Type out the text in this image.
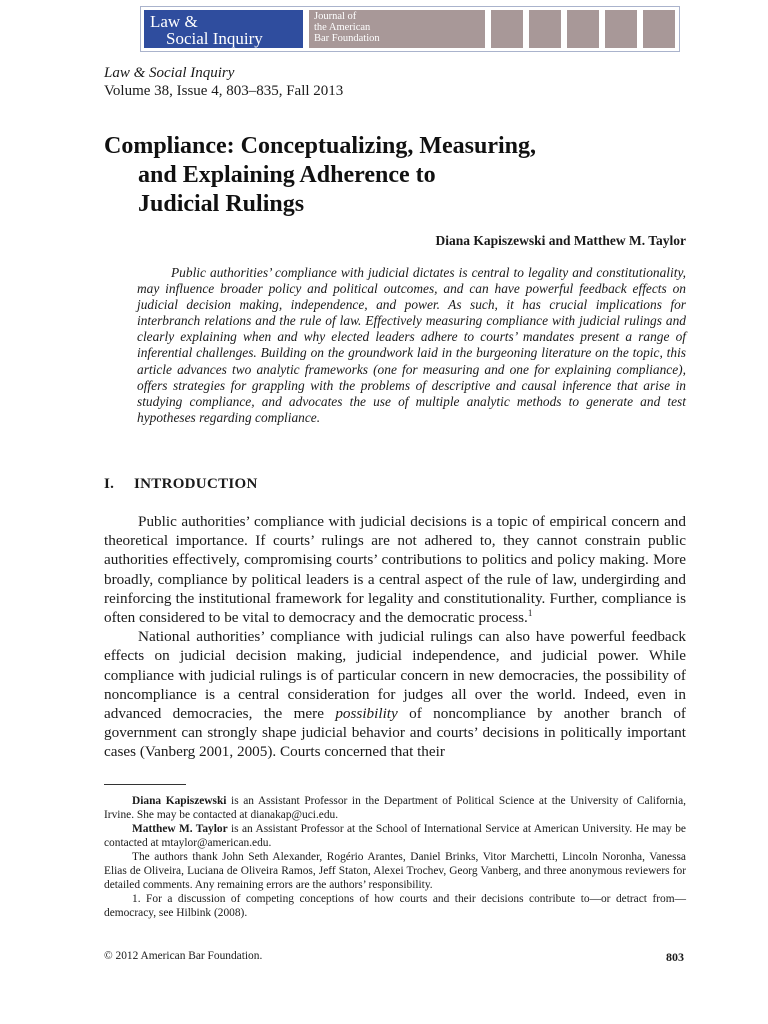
Law &
Social Inquiry
Journal of
the American
Bar Foundation
Law & Social Inquiry
Volume 38, Issue 4, 803–835, Fall 2013
Compliance: Conceptualizing, Measuring,
and Explaining Adherence to
Judicial Rulings
Diana Kapiszewski and Matthew M. Taylor

Public authorities’ compliance with judicial dictates is central to legality and constitutionality, may influence broader policy and political outcomes, and can have powerful feedback effects on judicial decision making, independence, and power. As such, it has crucial implications for interbranch relations and the rule of law. Effectively measuring compliance with judicial rulings and clearly explaining when and why elected leaders adhere to courts’ mandates present a range of inferential challenges. Building on the groundwork laid in the burgeoning literature on the topic, this article advances two analytic frameworks (one for measuring and one for explaining compliance), offers strategies for grappling with the problems of descriptive and causal inference that arise in studying compliance, and advocates the use of multiple analytic methods to generate and test hypotheses regarding compliance.

I. INTRODUCTION

Public authorities’ compliance with judicial decisions is a topic of empirical concern and theoretical importance. If courts’ rulings are not adhered to, they cannot constrain public authorities effectively, compromising courts’ contributions to politics and policy making. More broadly, compliance by political leaders is a central aspect of the rule of law, undergirding and reinforcing the institutional framework for legality and constitutionality. Further, compliance is often considered to be vital to democracy and the democratic process.$^1$

National authorities’ compliance with judicial rulings can also have powerful feedback effects on judicial decision making, judicial independence, and judicial power. While compliance with judicial rulings is of particular concern in new democracies, the possibility of noncompliance is a central consideration for judges all over the world. Indeed, even in advanced democracies, the mere possibility of noncompliance by another branch of government can strongly shape judicial behavior and courts’ decisions in politically important cases (Vanberg 2001, 2005). Courts concerned that their

Diana Kapiszewski is an Assistant Professor in the Department of Political Science at the University of California, Irvine. She may be contacted at dianakap@uci.edu.

Matthew M. Taylor is an Assistant Professor at the School of International Service at American University. He may be contacted at mtaylor@american.edu.

The authors thank John Seth Alexander, Rogério Arantes, Daniel Brinks, Vitor Marchetti, Lincoln Noronha, Vanessa Elias de Oliveira, Luciana de Oliveira Ramos, Jeff Staton, Alexei Trochev, Georg Vanberg, and three anonymous reviewers for detailed comments. Any remaining errors are the authors’ responsibility.

1. For a discussion of competing conceptions of how courts and their decisions contribute to—or detract from—democracy, see Hilbink (2008).

© 2012 American Bar Foundation.	803
